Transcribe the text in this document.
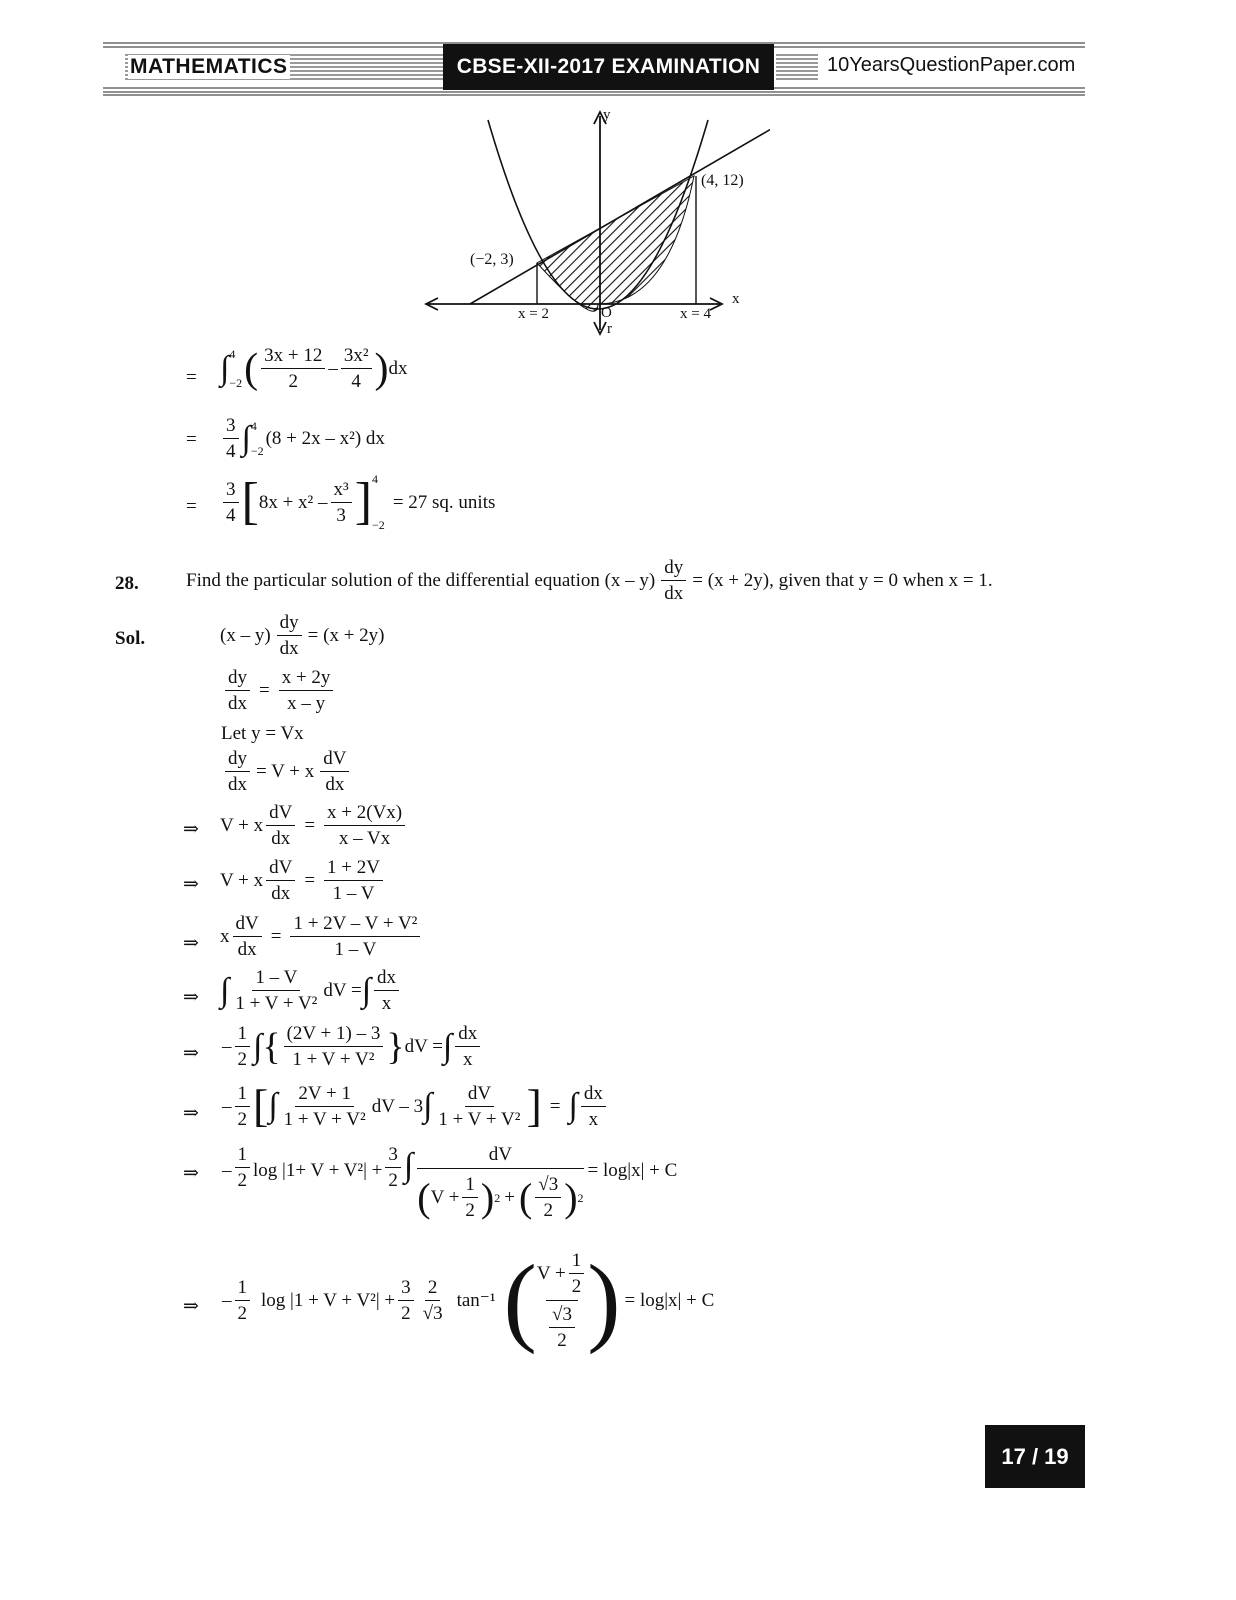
MATHEMATICS	CBSE-XII-2017 EXAMINATION	10YearsQuestionPaper.com
y
x
(4, 12)
(−2, 3)
x = 2	x = 4
O
r
= ∫ 4
−2 ( $\frac{3x + 12}{2} - \frac{\text{3x²}}{4}$ ) dx
= $\frac{3}{4}$ ∫ 4
−2
(8 + 2x – x²) dx
= $\frac{3}{4}$ [ $8x + x^2 - \frac{\text{x³}}{3}$ ] 4
−2
= 27 sq. units
28. Find the particular solution of the differential equation $(x - y) \frac{dy}{dx} = (x + 2y)$, given that y = 0 when x = 1.
Sol.	$(x - y) \frac{dy}{dx} = (x + 2y)$
$\frac{dy}{dx} = \frac{x + 2y}{x - y}$
Let y = Vx
$\frac{dy}{dx} = V + x \frac{dV}{dx}$
⇒ V + x $\frac{dV}{dx} = \frac{x + 2(Vx)}{x - Vx}$
⇒ V + x $\frac{dV}{dx} = \frac{1 + 2V}{1 - V}$
⇒ x $\frac{dV}{dx} = \frac{\text{1 + 2V – V + V²}}{1 - V}$
⇒ ∫ $\frac{1 - V}{\text{1 + V + V²}}$ dV = ∫ $\frac{dx}{x}$
⇒ – $\frac{1}{2}$ ∫ { $\frac{(2V + 1) - 3}{\text{1 + V + V²}}$ } dV = ∫ $\frac{dx}{x}$
⇒ – $\frac{1}{2}$ [ ∫ $\frac{2V + 1}{\text{1 + V + V²}}$ dV – 3 ∫ $\frac{dV}{\text{1 + V + V²}}$ ] = ∫ $\frac{dx}{x}$
⇒ – $\frac{1}{2}$ $\log |1+ V + V^2| + \frac{3}{2}$ ∫	dV
( $V + \frac{1}{2}$ ) 2 + ( $\frac{√3}{2}$ ) 2
= log|x| + C
⇒ – $\frac{1}{2}$ $\log |1 + V + V^2| + \frac{3}{2} \frac{2}{√3} \tan^{-1}$ ( $V + \frac{1}{2}$
$\frac{√3}{2}$ ) = log|x| + C
17 / 19
